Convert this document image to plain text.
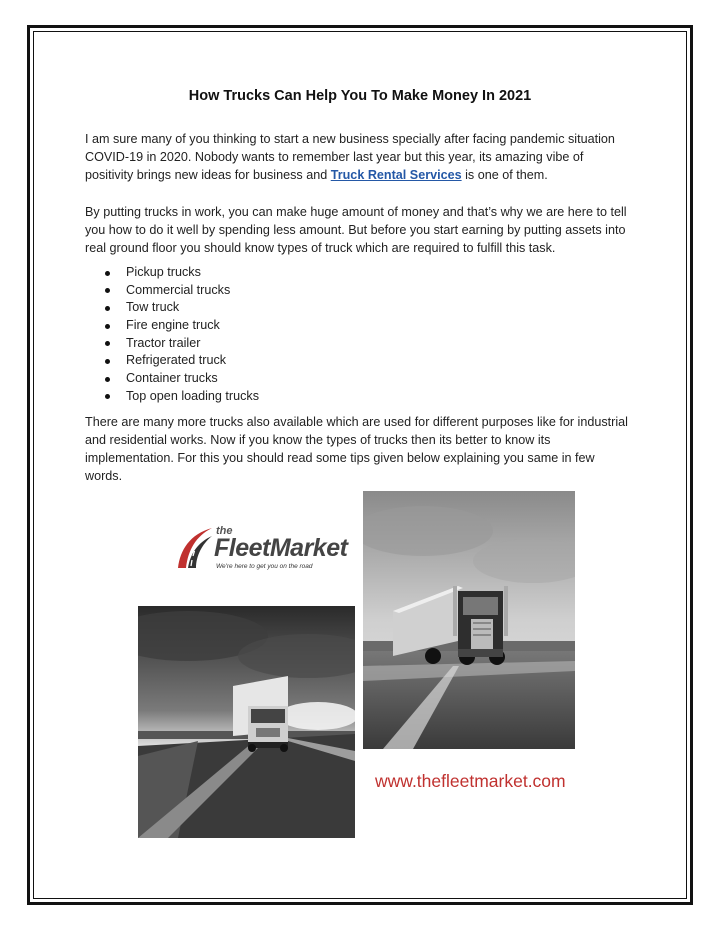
How Trucks Can Help You To Make Money In 2021

I am sure many of you thinking to start a new business specially after facing pandemic situation COVID-19 in 2020. Nobody wants to remember last year but this year, its amazing vibe of positivity brings new ideas for business and Truck Rental Services is one of them.

By putting trucks in work, you can make huge amount of money and that’s why we are here to tell you how to do it well by spending less amount. But before you start earning by putting assets into real ground floor you should know types of truck which are required to fulfill this task.

Pickup trucks
Commercial trucks
Tow truck
Fire engine truck
Tractor trailer
Refrigerated truck
Container trucks
Top open loading trucks

There are many more trucks also available which are used for different purposes like for industrial and residential works. Now if you know the types of trucks then its better to know its implementation. For this you should read some tips given below explaining you same in few words.

the
FleetMarket
We're here to get you on the road

www.thefleetmarket.com
